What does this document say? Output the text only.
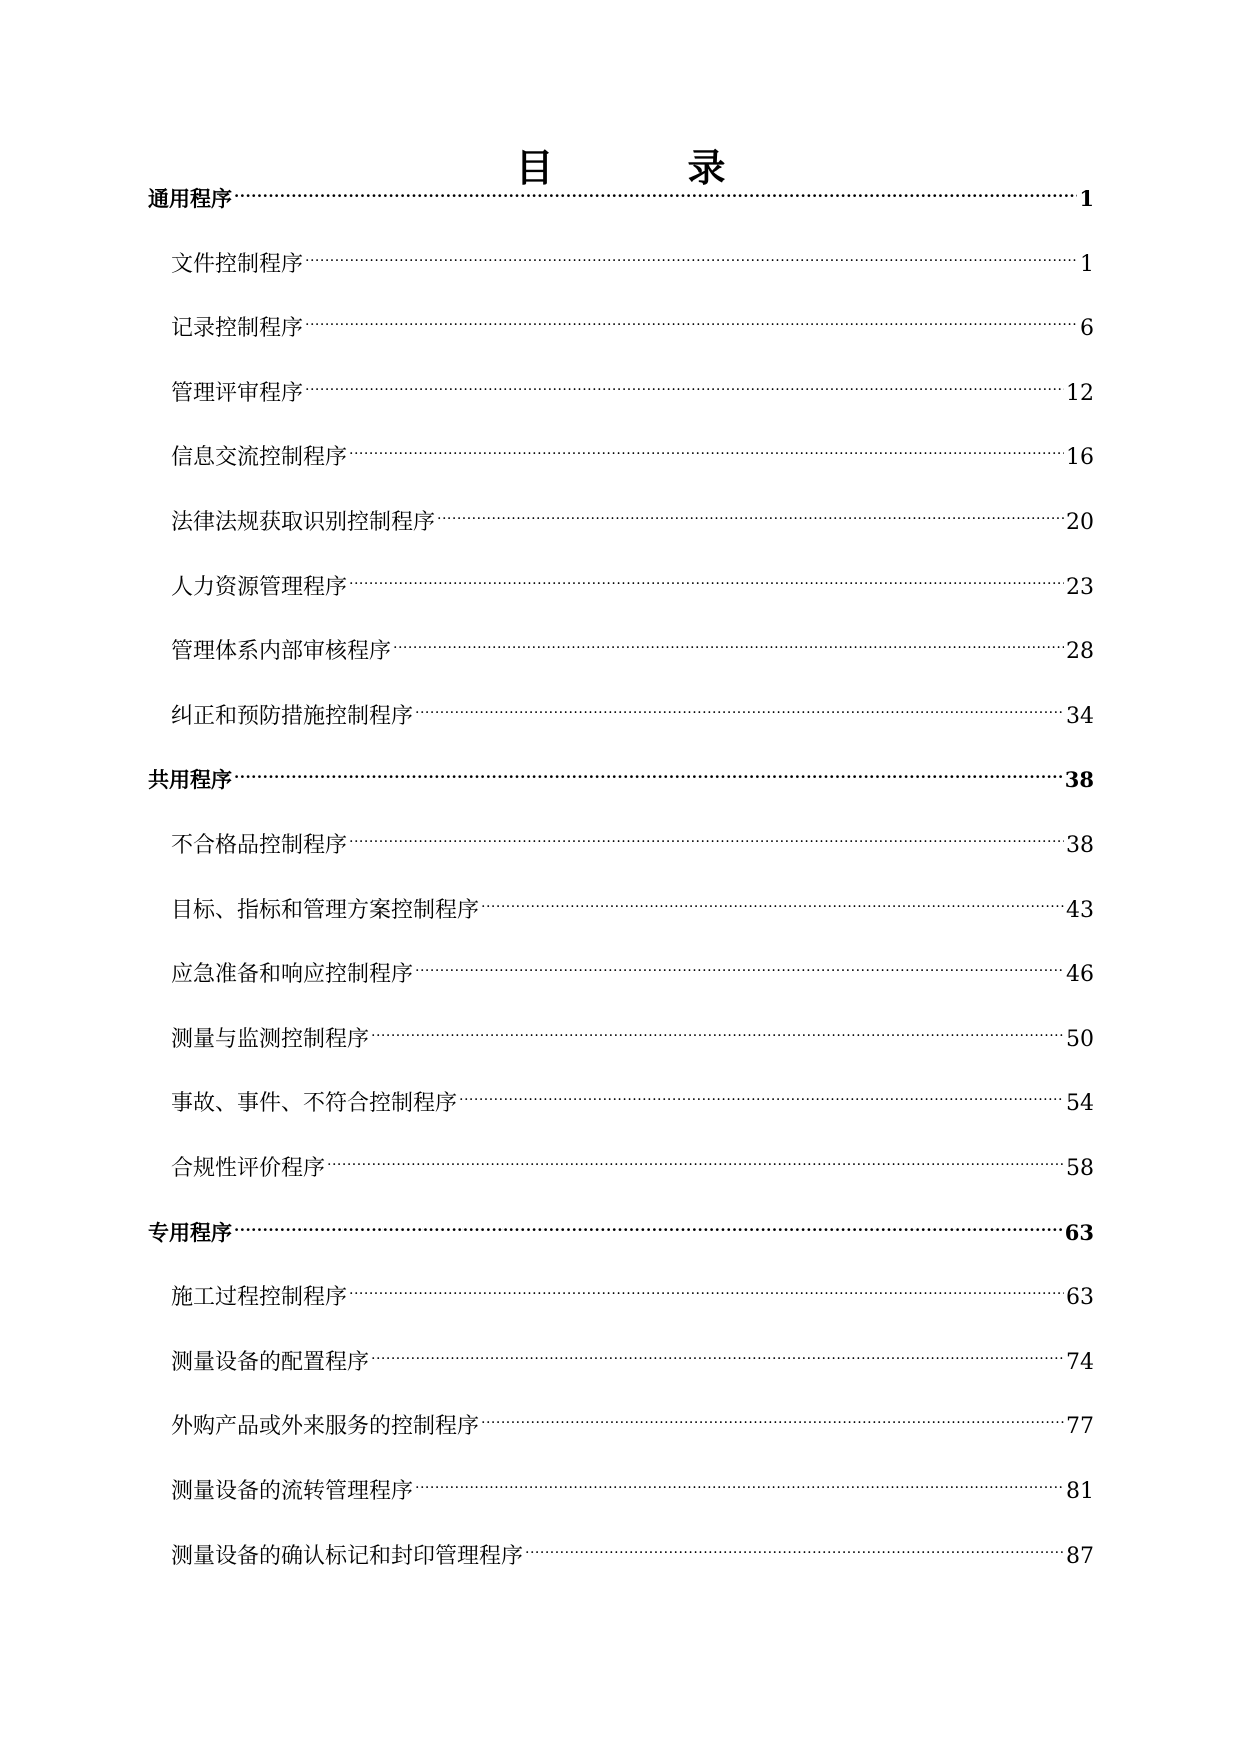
目　录
通用程序 .....	1
文件控制程序 .....	1
记录控制程序 .....	6
管理评审程序 .....	12
信息交流控制程序 .....	16
法律法规获取识别控制程序 .....	20
人力资源管理程序 .....	23
管理体系内部审核程序 .....	28
纠正和预防措施控制程序 .....	34
共用程序 .....	38
不合格品控制程序 .....	38
目标、指标和管理方案控制程序 .....	43
应急准备和响应控制程序 .....	46
测量与监测控制程序 .....	50
事故、事件、不符合控制程序 .....	54
合规性评价程序 .....	58
专用程序 .....	63
施工过程控制程序 .....	63
测量设备的配置程序 .....	74
外购产品或外来服务的控制程序 .....	77
测量设备的流转管理程序 .....	81
测量设备的确认标记和封印管理程序 .....	87
